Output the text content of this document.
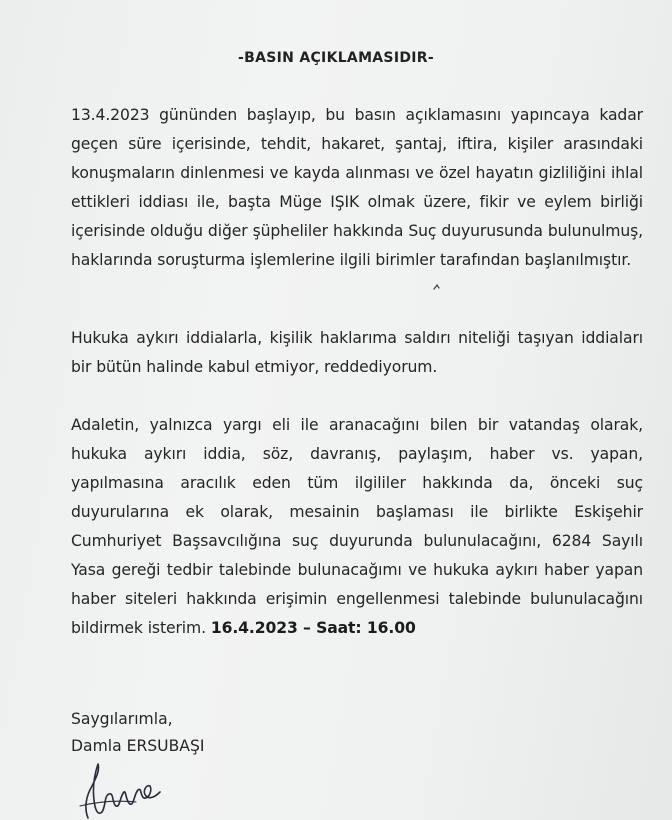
-BASIN AÇIKLAMASIDIR-

13.4.2023 gününden başlayıp, bu basın açıklamasını yapıncaya kadar geçen süre içerisinde, tehdit, hakaret, şantaj, iftira, kişiler arasındaki konuşmaların dinlenmesi ve kayda alınması ve özel hayatın gizliliğini ihlal ettikleri iddiası ile, başta Müge IŞIK olmak üzere, fikir ve eylem birliği içerisinde olduğu diğer şüpheliler hakkında Suç duyurusunda bulunulmuş, haklarında soruşturma işlemlerine ilgili birimler tarafından başlanılmıştır.

Hukuka aykırı iddialarla, kişilik haklarıma saldırı niteliği taşıyan iddiaları bir bütün halinde kabul etmiyor, reddediyorum.

Adaletin, yalnızca yargı eli ile aranacağını bilen bir vatandaş olarak, hukuka aykırı iddia, söz, davranış, paylaşım, haber vs. yapan, yapılmasına aracılık eden tüm ilgililer hakkında da, önceki suç duyurularına ek olarak, mesainin başlaması ile birlikte Eskişehir Cumhuriyet Başsavcılığına suç duyurunda bulunulacağını, 6284 Sayılı Yasa gereği tedbir talebinde bulunacağımı ve hukuka aykırı haber yapan haber siteleri hakkında erişimin engellenmesi talebinde bulunulacağını bildirmek isterim. 16.4.2023 – Saat: 16.00

Saygılarımla,
Damla ERSUBAŞI
